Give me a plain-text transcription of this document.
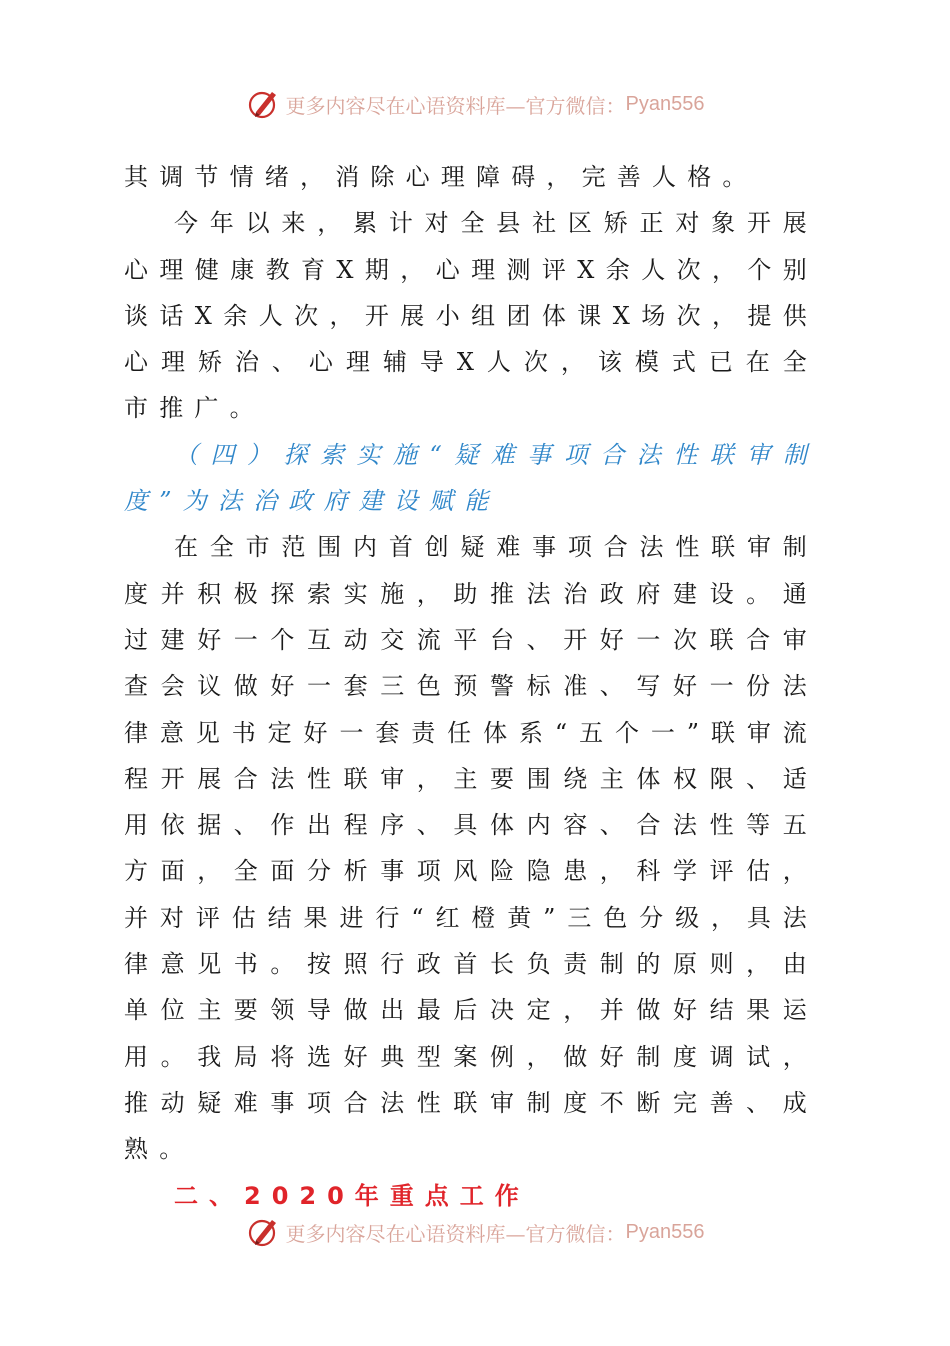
更多内容尽在心语资料库—官方微信： Pyan556

其调节情绪，消除心理障碍，完善人格。

今年以来，累计对全县社区矫正对象开展心理健康教育X期，心理测评X余人次，个别谈话X余人次，开展小组团体课X场次，提供心理矫治、心理辅导X人次，该模式已在全市推广。

（四）探索实施“疑难事项合法性联审制度”为法治政府建设赋能

在全市范围内首创疑难事项合法性联审制度并积极探索实施，助推法治政府建设。通过建好一个互动交流平台、开好一次联合审查会议做好一套三色预警标准、写好一份法律意见书定好一套责任体系“五个一”联审流程开展合法性联审，主要围绕主体权限、适用依据、作出程序、具体内容、合法性等五方面，全面分析事项风险隐患，科学评估，并对评估结果进行“红橙黄”三色分级，具法律意见书。按照行政首长负责制的原则，由单位主要领导做出最后决定，并做好结果运用。我局将选好典型案例，做好制度调试，推动疑难事项合法性联审制度不断完善、成熟。

二、2020年重点工作

更多内容尽在心语资料库—官方微信： Pyan556
